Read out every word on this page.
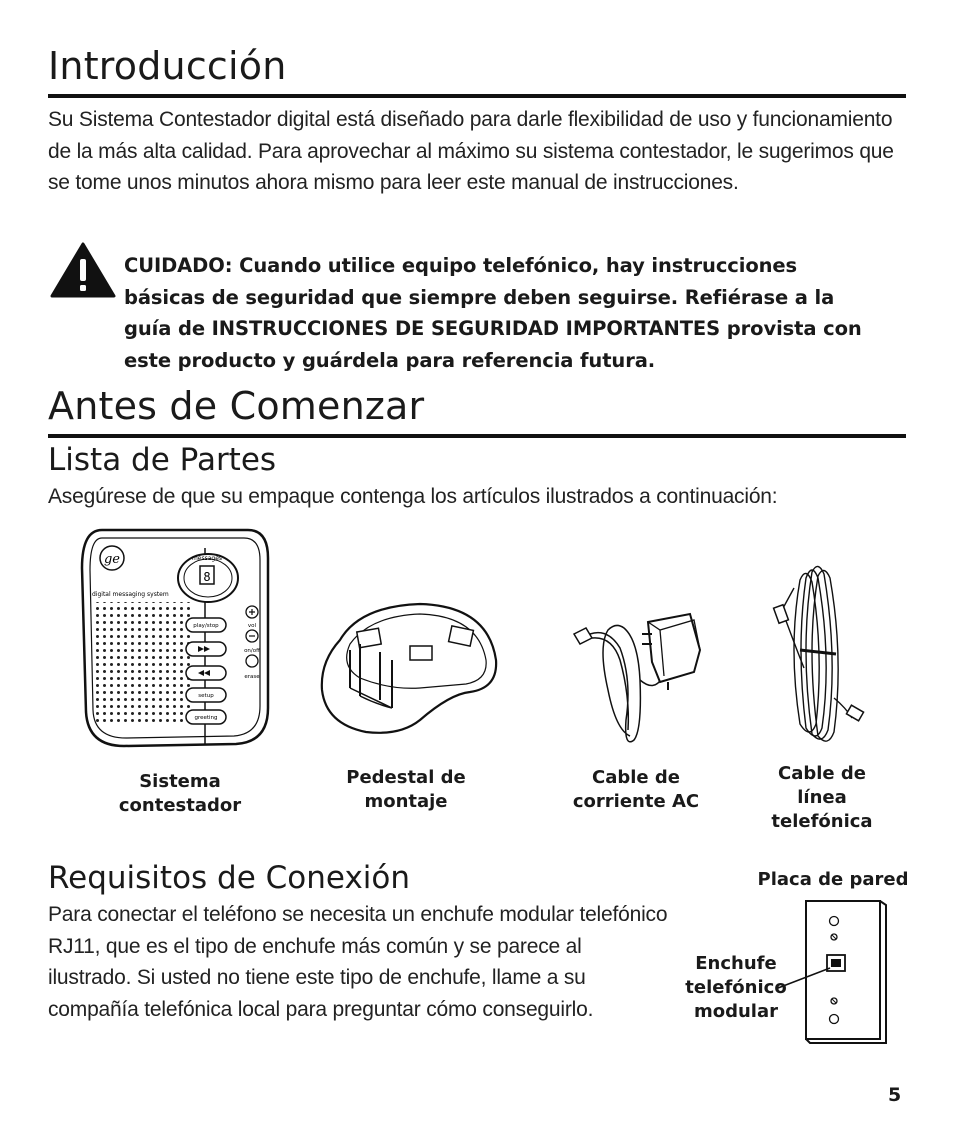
Introducción

Su Sistema Contestador digital está diseñado para darle flexibilidad de uso y funcionamiento de la más alta calidad. Para aprovechar al máximo su sistema contestador, le sugerimos que se tome unos minutos ahora mismo para leer este manual de instrucciones.

CUIDADO: Cuando utilice equipo telefónico, hay instrucciones básicas de seguridad que siempre deben seguirse. Refiérase a la guía de INSTRUCCIONES DE SEGURIDAD IMPORTANTES provista con este producto y guárdela para referencia futura.

Antes de Comenzar
Lista de Partes

Asegúrese de que su empaque contenga los artículos ilustrados a continuación:

ge
digital messaging system
8
messages
play/stop
setup
greeting
vol
on/off
erase
Sistema contestador
Pedestal de montaje
Cable de corriente AC
Cable de línea telefónica
Requisitos de Conexión

Para conectar el teléfono se necesita un enchufe modular telefónico RJ11, que es el tipo de enchufe más común y se parece al ilustrado. Si usted no tiene este tipo de enchufe, llame a su compañía telefónica local para preguntar cómo conseguirlo.

Placa de pared
Enchufe telefónico modular
5
